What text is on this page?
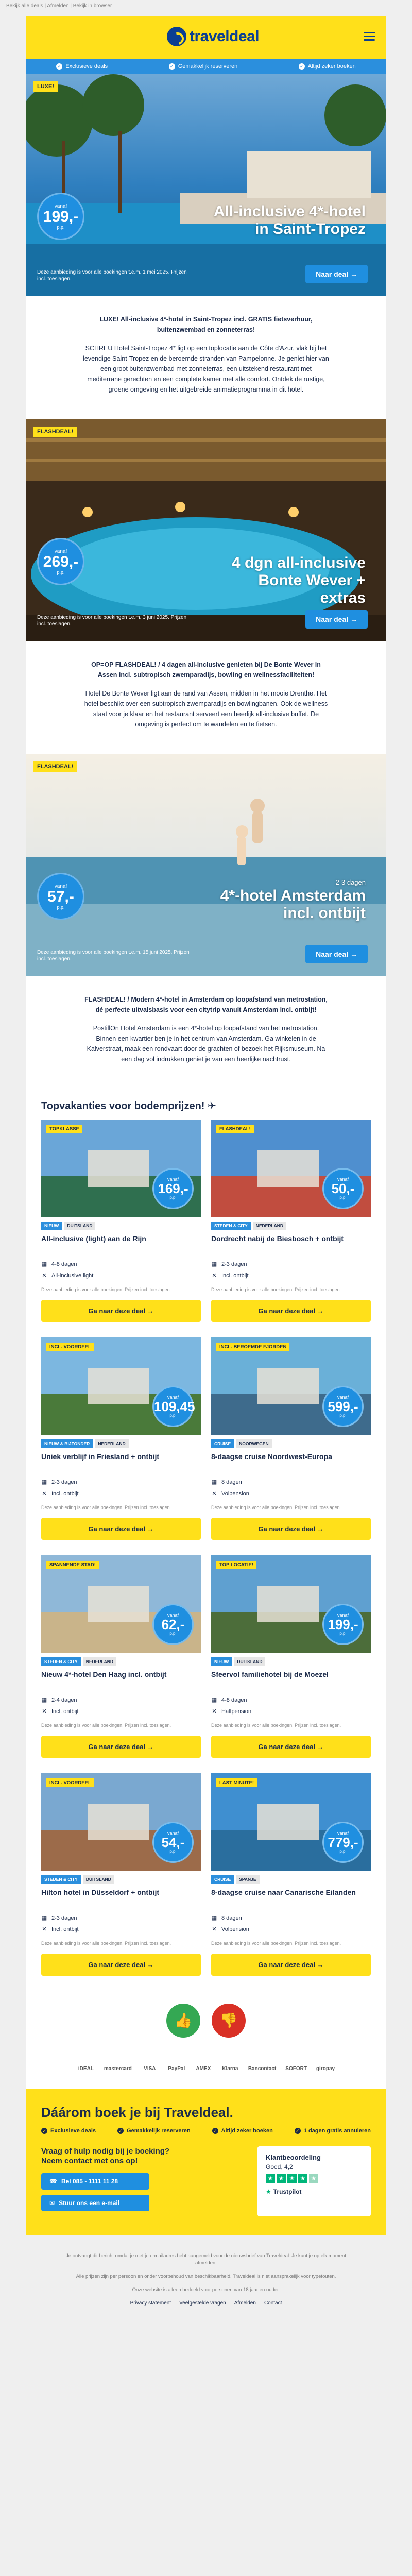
Bekijk alle deals | Afmelden | Bekijk in browser
traveldeal
✓ Exclusieve deals	✓ Gemakkelijk reserveren	✓ Altijd zeker boeken
LUXE!
vanaf
199,-
p.p.
All-inclusive 4*-hotel in Saint-Tropez
Deze aanbieding is voor alle boekingen t.e.m. 1 mei 2025. Prijzen incl. toeslagen.
Naar deal →
LUXE! All-inclusive 4*-hotel in Saint-Tropez incl. GRATIS fietsverhuur, buitenzwembad en zonneterras!
SCHREU Hotel Saint-Tropez 4* ligt op een toplocatie aan de Côte d'Azur, vlak bij het levendige Saint-Tropez en de beroemde stranden van Pampelonne. Je geniet hier van een groot buitenzwembad met zonneterras, een uitstekend restaurant met mediterrane gerechten en een complete kamer met alle comfort. Ontdek de rustige, groene omgeving en het uitgebreide animatieprogramma in dit hotel.
FLASHDEAL!
vanaf
269,-
p.p.
4 dgn all-inclusive Bonte Wever + extras
Deze aanbieding is voor alle boekingen t.e.m. 3 juni 2025. Prijzen incl. toeslagen.
Naar deal →
OP=OP FLASHDEAL! / 4 dagen all-inclusive genieten bij De Bonte Wever in Assen incl. subtropisch zwemparadijs, bowling en wellnessfaciliteiten!
Hotel De Bonte Wever ligt aan de rand van Assen, midden in het mooie Drenthe. Het hotel beschikt over een subtropisch zwemparadijs en bowlingbanen. Ook de wellness staat voor je klaar en het restaurant serveert een heerlijk all-inclusive buffet. De omgeving is perfect om te wandelen en te fietsen.
FLASHDEAL!
vanaf
57,-
p.p.
2-3 dagen
4*-hotel Amsterdam incl. ontbijt
Deze aanbieding is voor alle boekingen t.e.m. 15 juni 2025. Prijzen incl. toeslagen.
Naar deal →
FLASHDEAL! / Modern 4*-hotel in Amsterdam op loopafstand van metrostation, dé perfecte uitvalsbasis voor een citytrip vanuit Amsterdam incl. ontbijt!
PostillOn Hotel Amsterdam is een 4*-hotel op loopafstand van het metrostation. Binnen een kwartier ben je in het centrum van Amsterdam. Ga winkelen in de Kalverstraat, maak een rondvaart door de grachten of bezoek het Rijksmuseum. Na een dag vol indrukken geniet je van een heerlijke nachtrust.
Topvakanties voor bodemprijzen! ✈
TOPKLASSE
vanaf
169,-
p.p.
NIEUW	DUITSLAND
All-inclusive (light) aan de Rijn
▦ 4-8 dagen
✕ All-inclusive light
Deze aanbieding is voor alle boekingen. Prijzen incl. toeslagen.
Ga naar deze deal →
FLASHDEAL!
vanaf
50,-
p.p.
STEDEN & CITY	NEDERLAND
Dordrecht nabij de Biesbosch + ontbijt
▦ 2-3 dagen
✕ Incl. ontbijt
Deze aanbieding is voor alle boekingen. Prijzen incl. toeslagen.
Ga naar deze deal →
INCL. VOORDEEL
vanaf
109,45
p.p.
NIEUW & BIJZONDER	NEDERLAND
Uniek verblijf in Friesland + ontbijt
▦ 2-3 dagen
✕ Incl. ontbijt
Deze aanbieding is voor alle boekingen. Prijzen incl. toeslagen.
Ga naar deze deal →
INCL. BEROEMDE FJORDEN
vanaf
599,-
p.p.
CRUISE	NOORWEGEN
8-daagse cruise Noordwest-Europa
▦ 8 dagen
✕ Volpension
Deze aanbieding is voor alle boekingen. Prijzen incl. toeslagen.
Ga naar deze deal →
SPANNENDE STAD!
vanaf
62,-
p.p.
STEDEN & CITY	NEDERLAND
Nieuw 4*-hotel Den Haag incl. ontbijt
▦ 2-4 dagen
✕ Incl. ontbijt
Deze aanbieding is voor alle boekingen. Prijzen incl. toeslagen.
Ga naar deze deal →
TOP LOCATIE!
vanaf
199,-
p.p.
NIEUW	DUITSLAND
Sfeervol familiehotel bij de Moezel
▦ 4-8 dagen
✕ Halfpension
Deze aanbieding is voor alle boekingen. Prijzen incl. toeslagen.
Ga naar deze deal →
INCL. VOORDEEL
vanaf
54,-
p.p.
STEDEN & CITY	DUITSLAND
Hilton hotel in Düsseldorf + ontbijt
▦ 2-3 dagen
✕ Incl. ontbijt
Deze aanbieding is voor alle boekingen. Prijzen incl. toeslagen.
Ga naar deze deal →
LAST MINUTE!
vanaf
779,-
p.p.
CRUISE	SPANJE
8-daagse cruise naar Canarische Eilanden
▦ 8 dagen
✕ Volpension
Deze aanbieding is voor alle boekingen. Prijzen incl. toeslagen.
Ga naar deze deal →
👍	👎
iDEAL mastercard	VISA	PayPal AMEX Klarna Bancontact SOFORT giropay
Dáárom boek je bij Traveldeal.
✓ Exclusieve deals	✓ Gemakkelijk reserveren	✓ Altijd zeker boeken	✓ 1 dagen gratis annuleren
Vraag of hulp nodig bij je boeking? Neem contact met ons op!
☎ Bel 085 - 1111 11 28
✉ Stuur ons een e-mail
Klantbeoordeling
Goed, 4,2
★ ★ ★ ★ ★
★ Trustpilot

Je ontvangt dit bericht omdat je met je e-mailadres hebt aangemeld voor de nieuwsbrief van Traveldeal. Je kunt je op elk moment afmelden.

Alle prijzen zijn per persoon en onder voorbehoud van beschikbaarheid. Traveldeal is niet aansprakelijk voor typefouten.

Onze website is alleen bedoeld voor personen van 18 jaar en ouder.

Privacy statement Veelgestelde vragen Afmelden Contact
